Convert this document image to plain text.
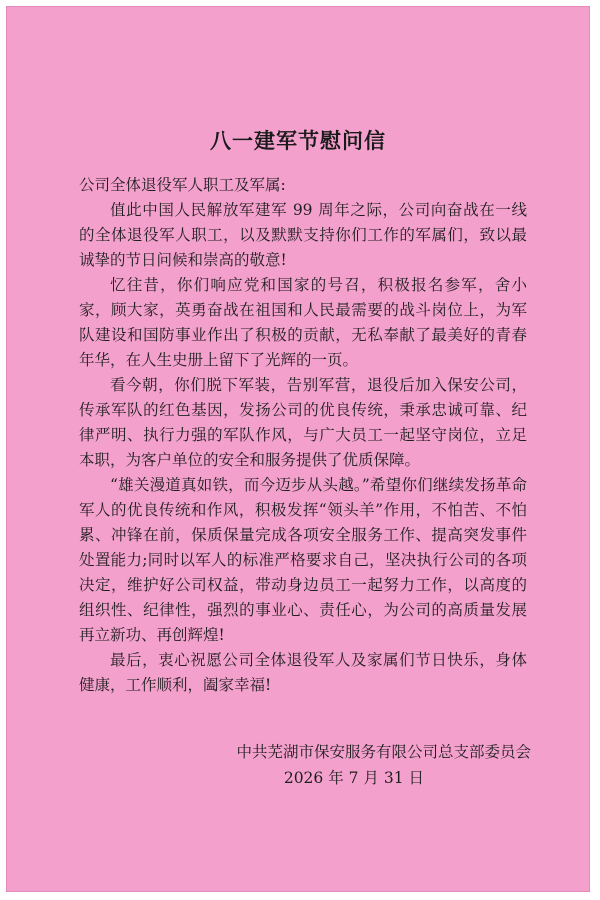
八一建军节慰问信

公司全体退役军人职工及军属:

值此中国人民解放军建军 99 周年之际，公司向奋战在一线的全体退役军人职工，以及默默支持你们工作的军属们，致以最诚挚的节日问候和崇高的敬意!

忆往昔，你们响应党和国家的号召，积极报名参军，舍小家，顾大家，英勇奋战在祖国和人民最需要的战斗岗位上，为军队建设和国防事业作出了积极的贡献，无私奉献了最美好的青春年华，在人生史册上留下了光辉的一页。

看今朝，你们脱下军装，告别军营，退役后加入保安公司，传承军队的红色基因，发扬公司的优良传统，秉承忠诚可靠、纪律严明、执行力强的军队作风，与广大员工一起坚守岗位，立足本职，为客户单位的安全和服务提供了优质保障。

“雄关漫道真如铁，而今迈步从头越。”希望你们继续发扬革命军人的优良传统和作风，积极发挥“领头羊”作用，不怕苦、不怕累、冲锋在前，保质保量完成各项安全服务工作、提高突发事件处置能力;同时以军人的标准严格要求自己，坚决执行公司的各项决定，维护好公司权益，带动身边员工一起努力工作，以高度的组织性、纪律性，强烈的事业心、责任心，为公司的高质量发展再立新功、再创辉煌!

最后，衷心祝愿公司全体退役军人及家属们节日快乐，身体健康，工作顺利，阖家幸福!

中共芜湖市保安服务有限公司总支部委员会

2026 年 7 月 31 日
